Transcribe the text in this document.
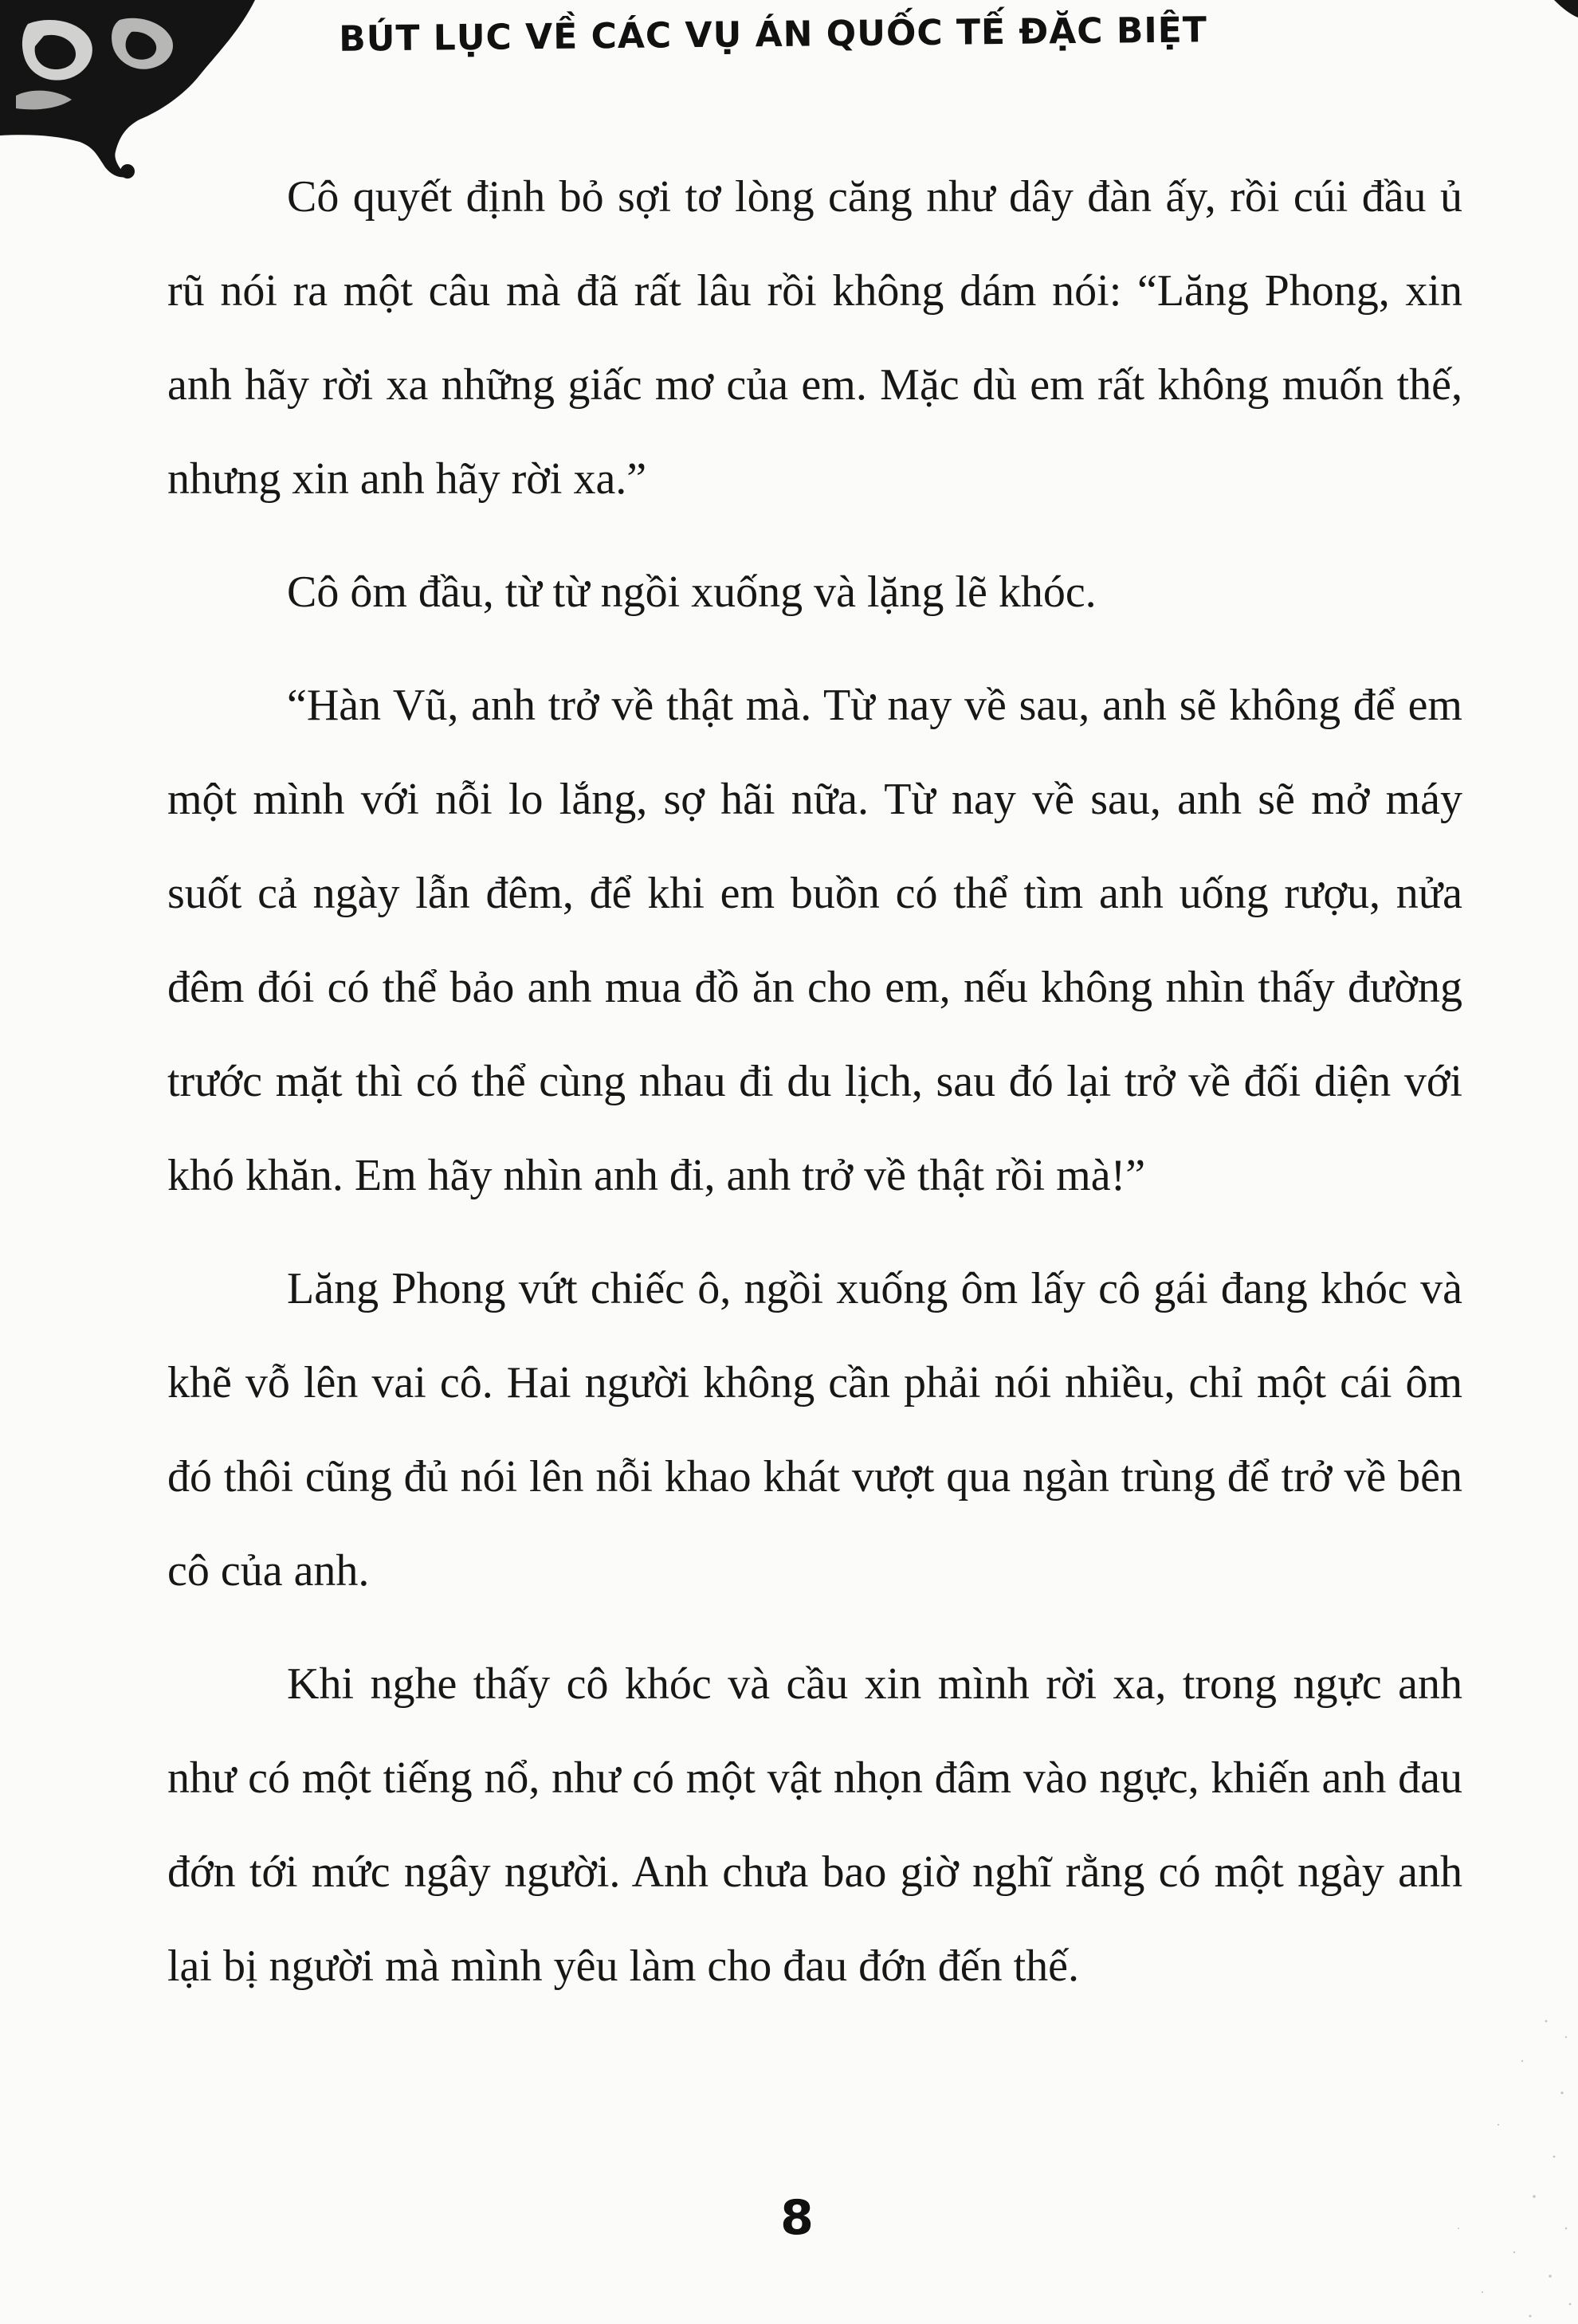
BÚT LỤC VỀ CÁC VỤ ÁN QUỐC TẾ ĐẶC BIỆT

Cô quyết định bỏ sợi tơ lòng căng như dây đàn ấy, rồi cúi đầu ủ rũ nói ra một câu mà đã rất lâu rồi không dám nói: “Lăng Phong, xin anh hãy rời xa những giấc mơ của em. Mặc dù em rất không muốn thế, nhưng xin anh hãy rời xa.”

Cô ôm đầu, từ từ ngồi xuống và lặng lẽ khóc.

“Hàn Vũ, anh trở về thật mà. Từ nay về sau, anh sẽ không để em một mình với nỗi lo lắng, sợ hãi nữa. Từ nay về sau, anh sẽ mở máy suốt cả ngày lẫn đêm, để khi em buồn có thể tìm anh uống rượu, nửa đêm đói có thể bảo anh mua đồ ăn cho em, nếu không nhìn thấy đường trước mặt thì có thể cùng nhau đi du lịch, sau đó lại trở về đối diện với khó khăn. Em hãy nhìn anh đi, anh trở về thật rồi mà!”

Lăng Phong vứt chiếc ô, ngồi xuống ôm lấy cô gái đang khóc và khẽ vỗ lên vai cô. Hai người không cần phải nói nhiều, chỉ một cái ôm đó thôi cũng đủ nói lên nỗi khao khát vượt qua ngàn trùng để trở về bên cô của anh.

Khi nghe thấy cô khóc và cầu xin mình rời xa, trong ngực anh như có một tiếng nổ, như có một vật nhọn đâm vào ngực, khiến anh đau đớn tới mức ngây người. Anh chưa bao giờ nghĩ rằng có một ngày anh lại bị người mà mình yêu làm cho đau đớn đến thế.

8
